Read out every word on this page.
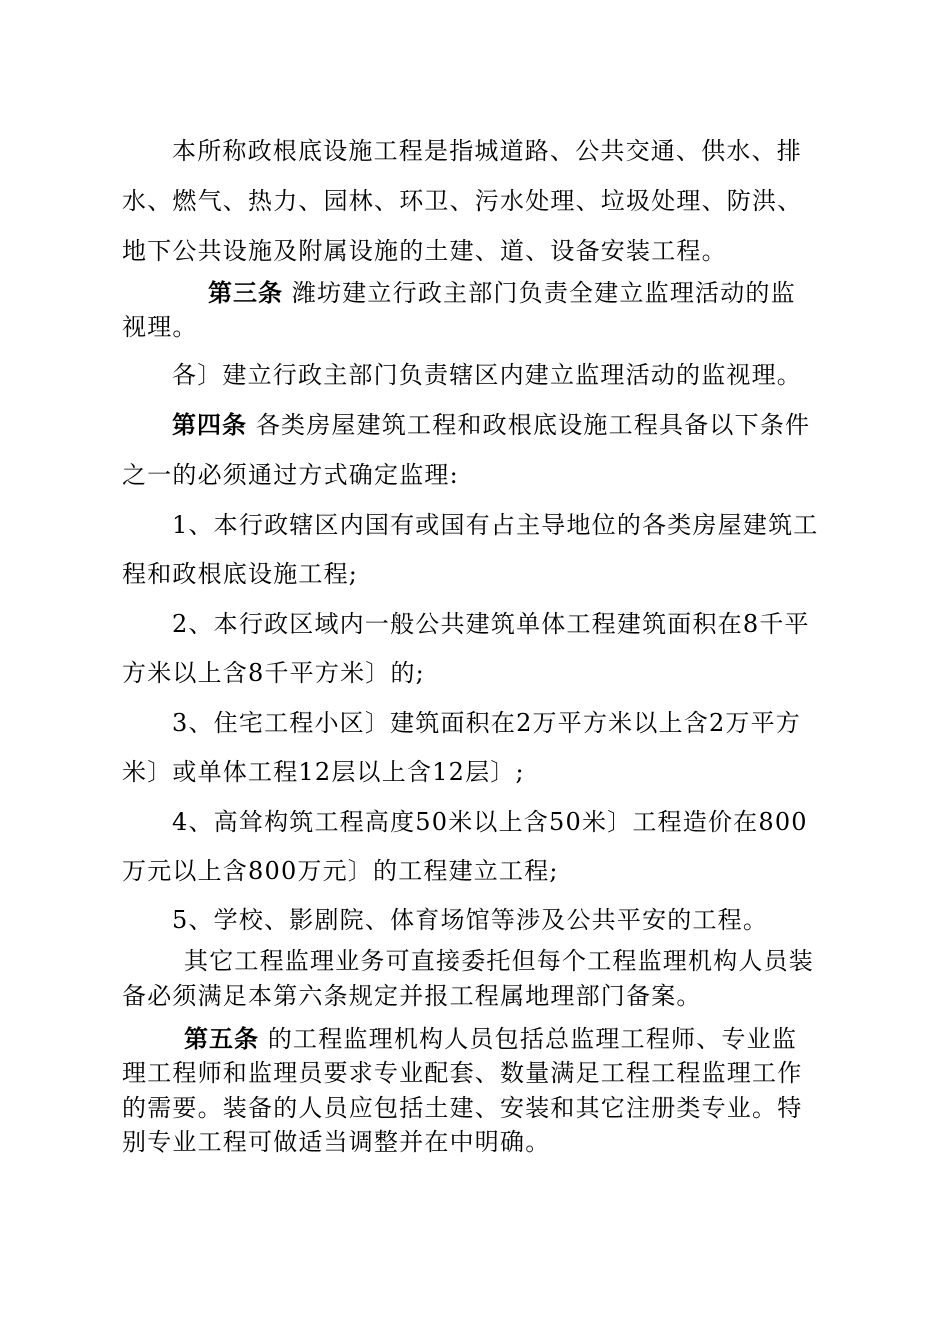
本所称政根底设施工程是指城道路、公共交通、供水、排
水、燃气、热力、园林、环卫、污水处理、垃圾处理、防洪、
地下公共设施及附属设施的土建、道、设备安装工程。
第三条 潍坊建立行政主部门负责全建立监理活动的监
视理。
各〕建立行政主部门负责辖区内建立监理活动的监视理。
第四条 各类房屋建筑工程和政根底设施工程具备以下条件
之一的必须通过方式确定监理:
1、本行政辖区内国有或国有占主导地位的各类房屋建筑工
程和政根底设施工程;
2、本行政区域内一般公共建筑单体工程建筑面积在8千平
方米以上含8千平方米〕的;
3、住宅工程小区〕建筑面积在2万平方米以上含2万平方
米〕或单体工程12层以上含12层〕;
4、高耸构筑工程高度50米以上含50米〕工程造价在800
万元以上含800万元〕的工程建立工程;
5、学校、影剧院、体育场馆等涉及公共平安的工程。
其它工程监理业务可直接委托但每个工程监理机构人员装
备必须满足本第六条规定并报工程属地理部门备案。
第五条 的工程监理机构人员包括总监理工程师、专业监
理工程师和监理员要求专业配套、数量满足工程工程监理工作
的需要。装备的人员应包括土建、安装和其它注册类专业。特
别专业工程可做适当调整并在中明确。
